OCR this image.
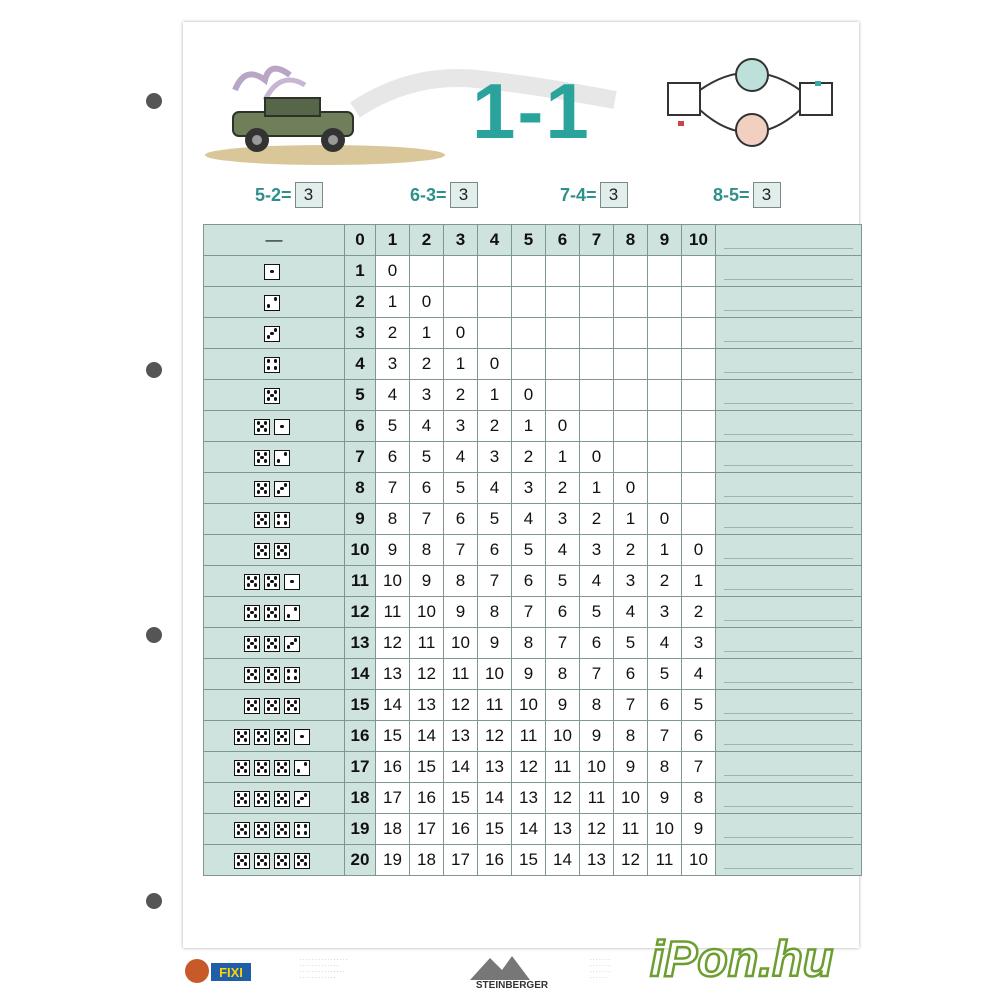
1-1
5-2= 3	6-3= 3	7-4= 3	8-5= 3
—	0	1	2	3	4	5	6	7	8	9	10	

	1	0										

	2	1	0									

	3	2	1	0								

	4	3	2	1	0							

	5	4	3	2	1	0						

	6	5	4	3	2	1	0					

	7	6	5	4	3	2	1	0				

	8	7	6	5	4	3	2	1	0			

	9	8	7	6	5	4	3	2	1	0		

	10	9	8	7	6	5	4	3	2	1	0	

	11	10	9	8	7	6	5	4	3	2	1	

	12	11	10	9	8	7	6	5	4	3	2	

	13	12	11	10	9	8	7	6	5	4	3	

	14	13	12	11	10	9	8	7	6	5	4	

	15	14	13	12	11	10	9	8	7	6	5	

	16	15	14	13	12	11	10	9	8	7	6	

	17	16	15	14	13	12	11	10	9	8	7	

	18	17	16	15	14	13	12	11	10	9	8	

	19	18	17	16	15	14	13	12	11	10	9	

	20	19	18	17	16	15	14	13	12	11	10	
FIXI
· · · · · · · · · · · · · · · ·
· · · · · · · · · · · · ·
· · · · · · · · · · · · · · ·
· · · · · · · · · · · ·
STEINBERGER
· · · · · · ·
· · · · · · ·
· · · · · · ·
· · · · · · iPon.hu
